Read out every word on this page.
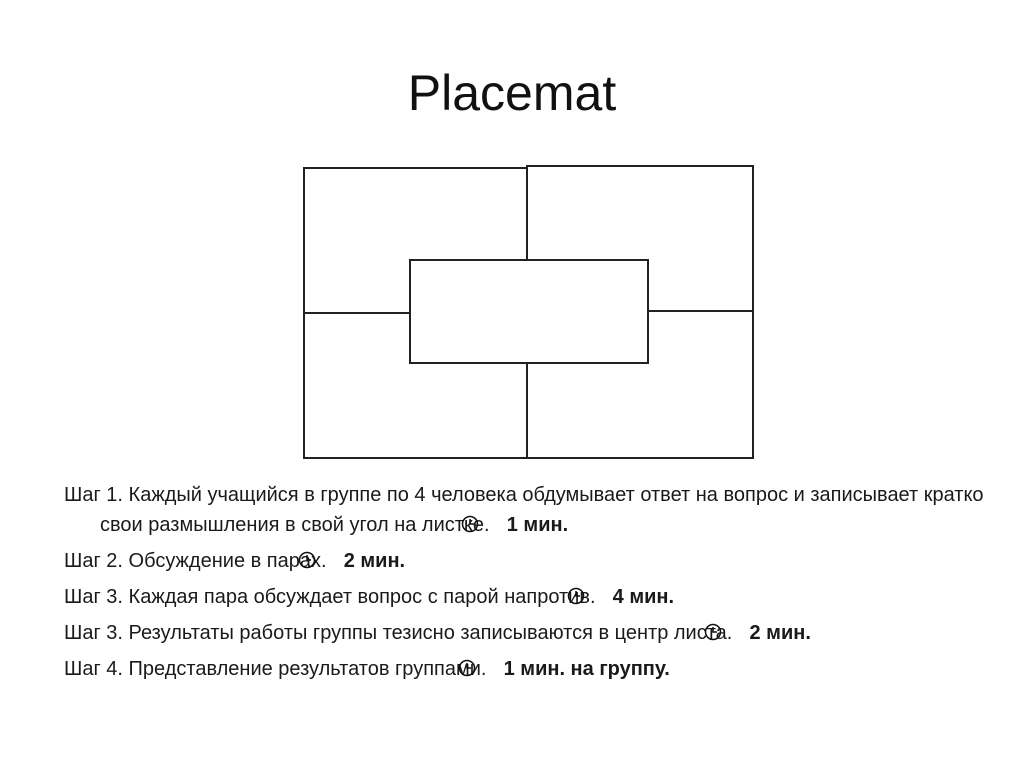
Placemat

Шаг 1. Каждый учащийся в группе по 4 человека обдумывает ответ на вопрос и записывает кратко свои размышления в свой угол на листке. 1 мин.

Шаг 2. Обсуждение в парах. 2 мин.

Шаг 3. Каждая пара обсуждает вопрос с парой напротив. 4 мин.

Шаг 3. Результаты работы группы тезисно записываются в центр листа. 2 мин.

Шаг 4. Представление результатов группами. 1 мин. на группу.
